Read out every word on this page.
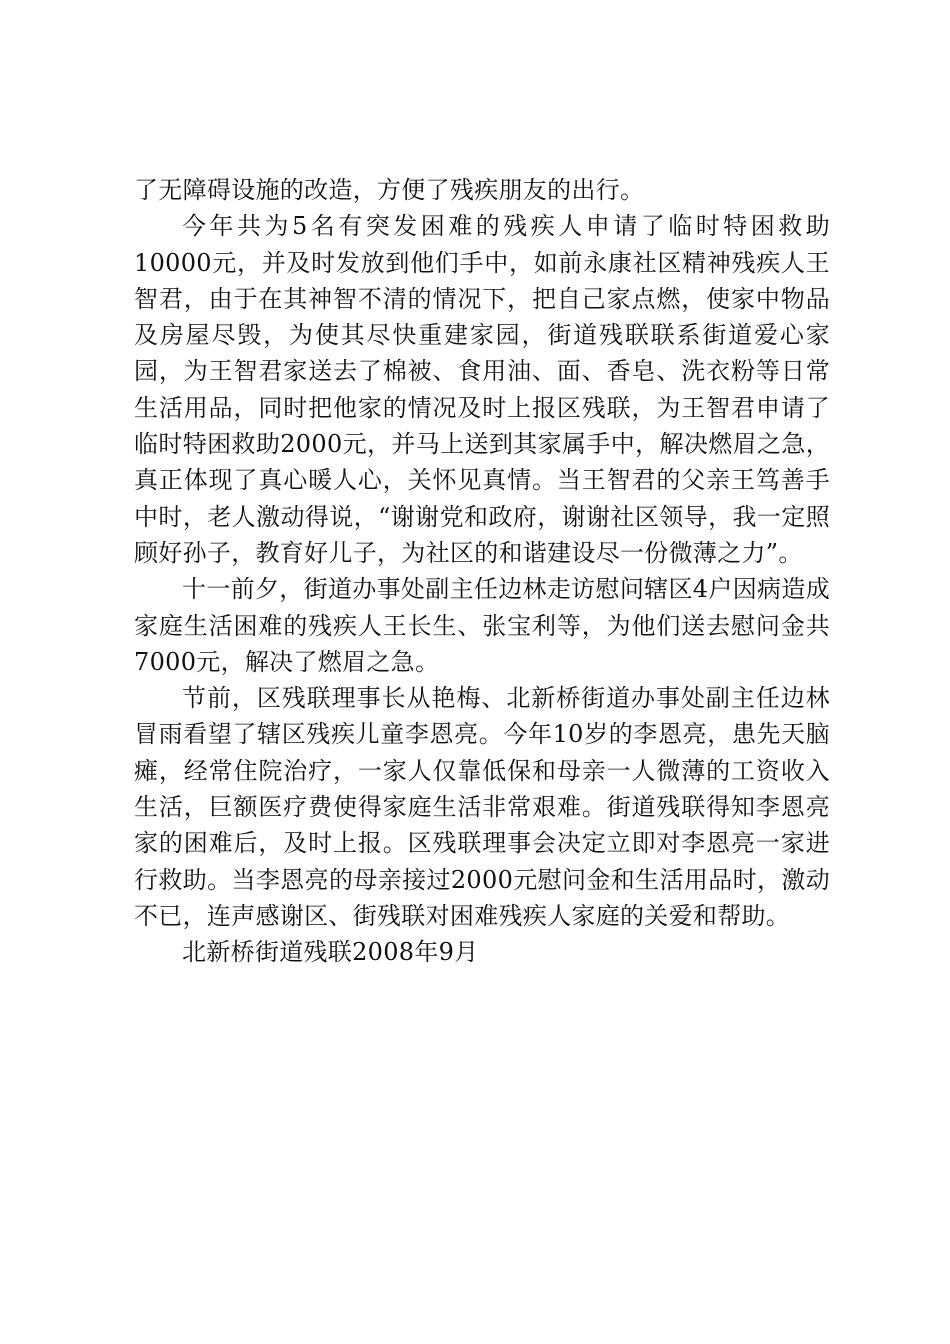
了无障碍设施的改造，方便了残疾朋友的出行。

今年共为5名有突发困难的残疾人申请了临时特困救助10000元，并及时发放到他们手中，如前永康社区精神残疾人王智君，由于在其神智不清的情况下，把自己家点燃，使家中物品及房屋尽毁，为使其尽快重建家园，街道残联联系街道爱心家园，为王智君家送去了棉被、食用油、面、香皂、洗衣粉等日常生活用品，同时把他家的情况及时上报区残联，为王智君申请了临时特困救助2000元，并马上送到其家属手中，解决燃眉之急，真正体现了真心暖人心，关怀见真情。当王智君的父亲王笃善手中时，老人激动得说，“谢谢党和政府，谢谢社区领导，我一定照顾好孙子，教育好儿子，为社区的和谐建设尽一份微薄之力”。

十一前夕，街道办事处副主任边林走访慰问辖区4户因病造成家庭生活困难的残疾人王长生、张宝利等，为他们送去慰问金共7000元，解决了燃眉之急。

节前，区残联理事长从艳梅、北新桥街道办事处副主任边林冒雨看望了辖区残疾儿童李恩亮。今年10岁的李恩亮，患先天脑瘫，经常住院治疗，一家人仅靠低保和母亲一人微薄的工资收入生活，巨额医疗费使得家庭生活非常艰难。街道残联得知李恩亮家的困难后，及时上报。区残联理事会决定立即对李恩亮一家进行救助。当李恩亮的母亲接过2000元慰问金和生活用品时，激动不已，连声感谢区、街残联对困难残疾人家庭的关爱和帮助。

北新桥街道残联2008年9月
